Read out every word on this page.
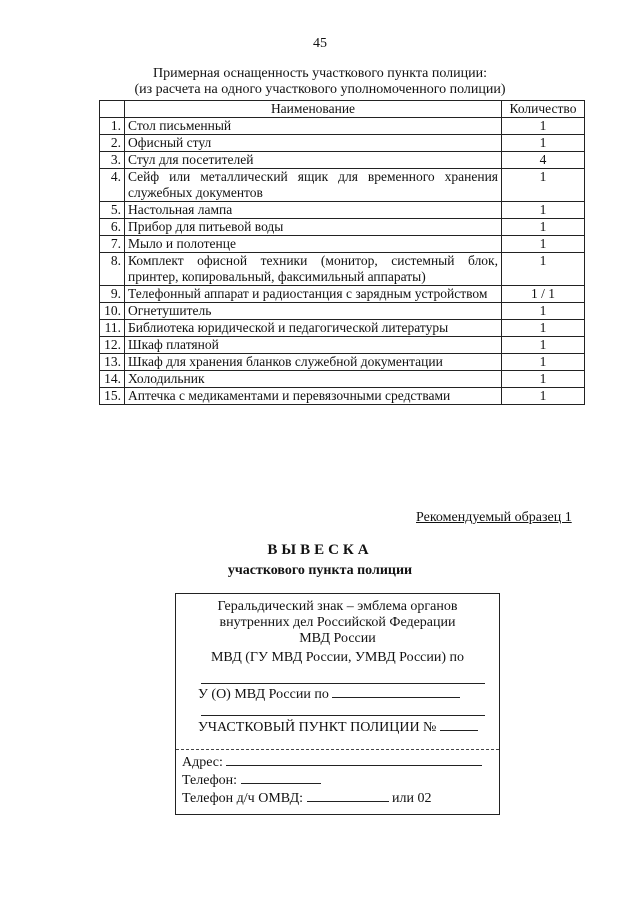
45
Примерная оснащенность участкового пункта полиции:
(из расчета на одного участкового уполномоченного полиции)
	Наименование	Количество
1.	Стол письменный	1
2.	Офисный стул	1
3.	Стул для посетителей	4
4.	Сейф или металлический ящик для временного хранения служебных документов	1
5.	Настольная лампа	1
6.	Прибор для питьевой воды	1
7.	Мыло и полотенце	1
8.	Комплект офисной техники (монитор, системный блок, принтер, копировальный, факсимильный аппараты)	1
9.	Телефонный аппарат и радиостанция с зарядным устройством	1 / 1
10.	Огнетушитель	1
11.	Библиотека юридической и педагогической литературы	1
12.	Шкаф платяной	1
13.	Шкаф для хранения бланков служебной документации	1
14.	Холодильник	1
15.	Аптечка с медикаментами и перевязочными средствами	1
Рекомендуемый образец 1
ВЫВЕСКА
участкового пункта полиции
Геральдический знак – эмблема органов
внутренних дел Российской Федерации
МВД России
МВД (ГУ МВД России, УМВД России) по
У (О) МВД России по
УЧАСТКОВЫЙ ПУНКТ ПОЛИЦИИ №
Адрес:
Телефон:
Телефон д/ч ОМВД:	или 02
